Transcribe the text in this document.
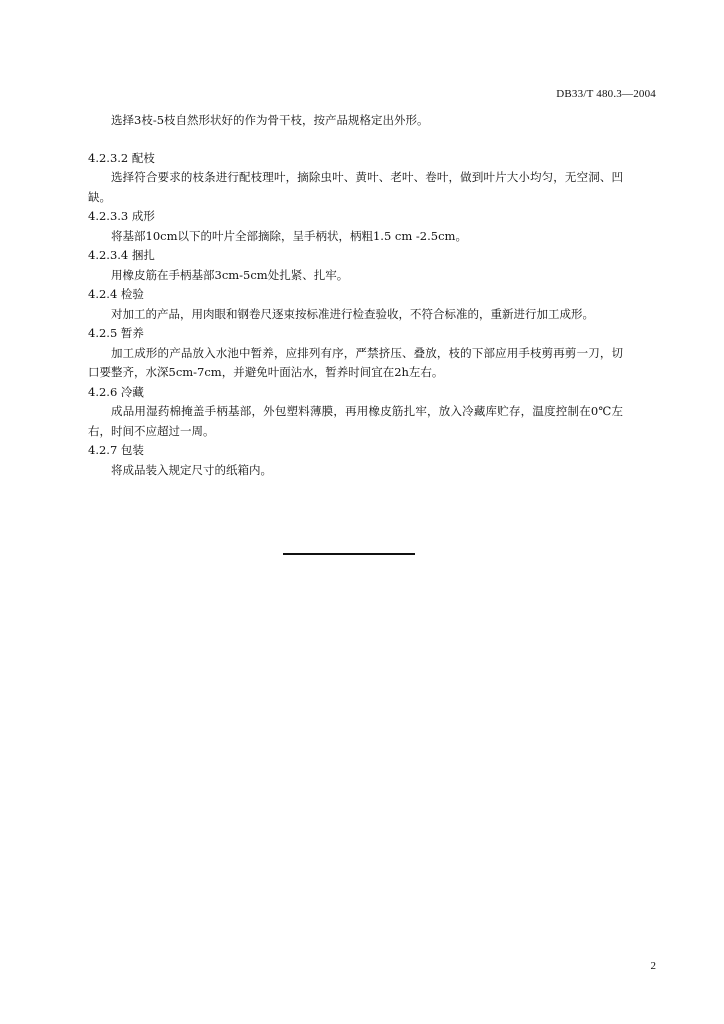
DB33/T 480.3—2004

选择3枝-5枝自然形状好的作为骨干枝，按产品规格定出外形。

4.2.3.2 配枝

选择符合要求的枝条进行配枝理叶，摘除虫叶、黄叶、老叶、卷叶，做到叶片大小均匀，无空洞、凹缺。

4.2.3.3 成形

将基部10cm以下的叶片全部摘除，呈手柄状，柄粗1.5 cm -2.5cm。

4.2.3.4 捆扎

用橡皮筋在手柄基部3cm-5cm处扎紧、扎牢。

4.2.4 检验

对加工的产品，用肉眼和钢卷尺逐束按标准进行检查验收，不符合标准的，重新进行加工成形。

4.2.5 暂养

加工成形的产品放入水池中暂养，应排列有序，严禁挤压、叠放，枝的下部应用手枝剪再剪一刀，切口要整齐，水深5cm-7cm，并避免叶面沾水，暂养时间宜在2h左右。

4.2.6 冷藏

成品用湿药棉掩盖手柄基部，外包塑料薄膜，再用橡皮筋扎牢，放入冷藏库贮存，温度控制在0℃左右，时间不应超过一周。

4.2.7 包装

将成品装入规定尺寸的纸箱内。

2
